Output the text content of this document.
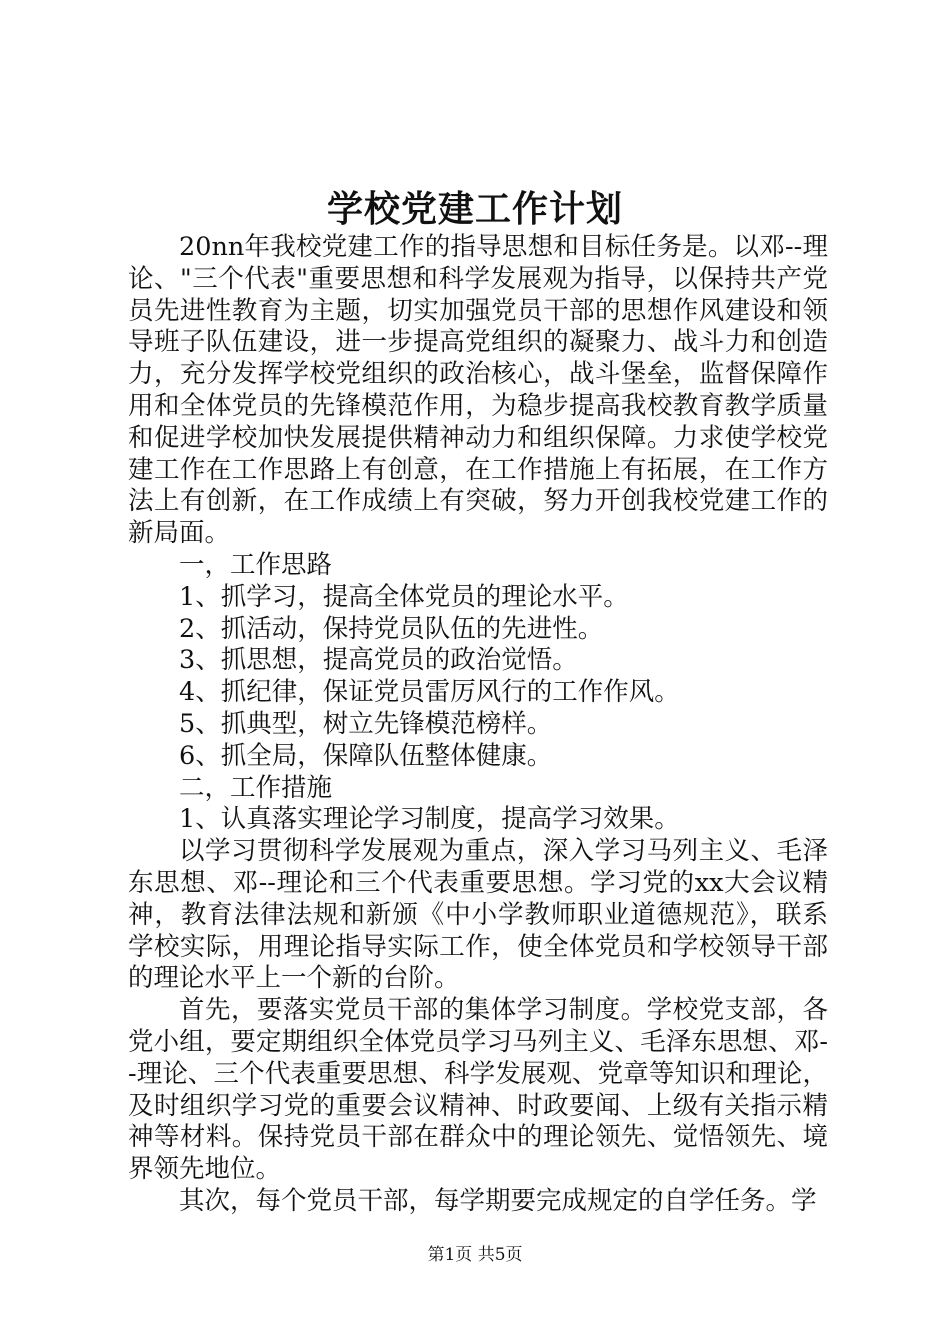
学校党建工作计划

20nn年我校党建工作的指导思想和目标任务是。以邓--理论、"三个代表"重要思想和科学发展观为指导，以保持共产党员先进性教育为主题，切实加强党员干部的思想作风建设和领导班子队伍建设，进一步提高党组织的凝聚力、战斗力和创造力，充分发挥学校党组织的政治核心，战斗堡垒，监督保障作用和全体党员的先锋模范作用，为稳步提高我校教育教学质量和促进学校加快发展提供精神动力和组织保障。力求使学校党建工作在工作思路上有创意，在工作措施上有拓展，在工作方法上有创新，在工作成绩上有突破，努力开创我校党建工作的新局面。

一，工作思路

1、抓学习，提高全体党员的理论水平。

2、抓活动，保持党员队伍的先进性。

3、抓思想，提高党员的政治觉悟。

4、抓纪律，保证党员雷厉风行的工作作风。

5、抓典型，树立先锋模范榜样。

6、抓全局，保障队伍整体健康。

二，工作措施

1、认真落实理论学习制度，提高学习效果。

以学习贯彻科学发展观为重点，深入学习马列主义、毛泽东思想、邓--理论和三个代表重要思想。学习党的xx大会议精神，教育法律法规和新颁《中小学教师职业道德规范》，联系学校实际，用理论指导实际工作，使全体党员和学校领导干部的理论水平上一个新的台阶。

首先，要落实党员干部的集体学习制度。学校党支部，各党小组，要定期组织全体党员学习马列主义、毛泽东思想、邓--理论、三个代表重要思想、科学发展观、党章等知识和理论，及时组织学习党的重要会议精神、时政要闻、上级有关指示精神等材料。保持党员干部在群众中的理论领先、觉悟领先、境界领先地位。

其次，每个党员干部，每学期要完成规定的自学任务。学

第1页 共5页
